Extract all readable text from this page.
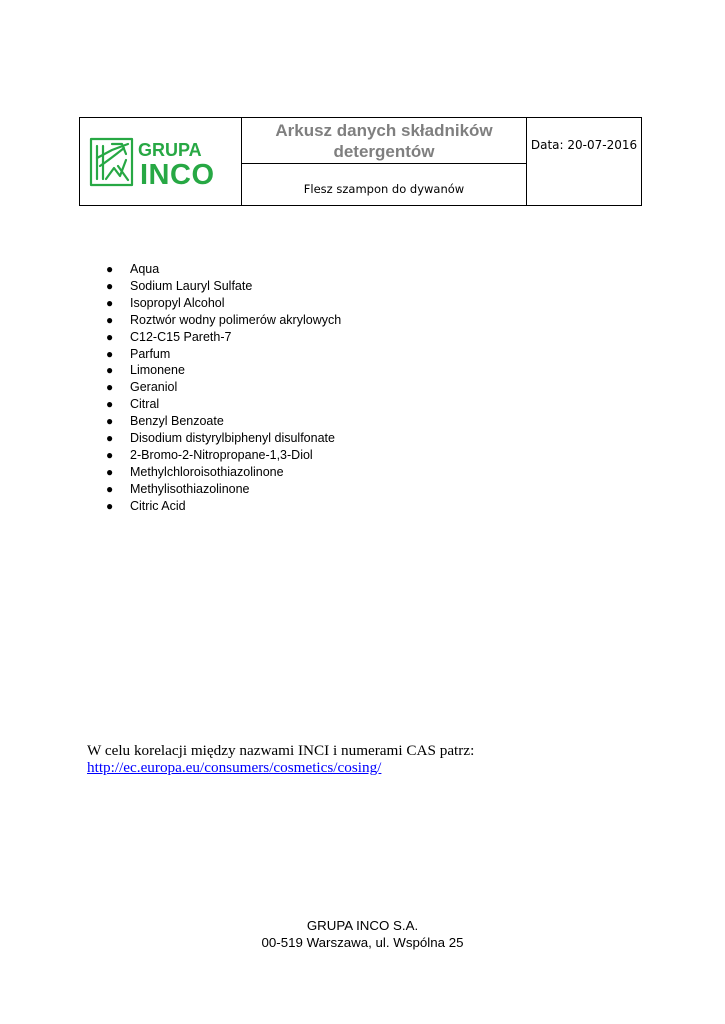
GRUPA
INCO

Arkusz danych składników
detergentów	Data: 20-07-2016
Flesz szampon do dywanów
● Aqua
● Sodium Lauryl Sulfate
● Isopropyl Alcohol
● Roztwór wodny polimerów akrylowych
● C12-C15 Pareth-7
● Parfum
● Limonene
● Geraniol
● Citral
● Benzyl Benzoate
● Disodium distyrylbiphenyl disulfonate
● 2-Bromo-2-Nitropropane-1,3-Diol
● Methylchloroisothiazolinone
● Methylisothiazolinone
● Citric Acid
W celu korelacji między nazwami INCI i numerami CAS patrz:
http://ec.europa.eu/consumers/cosmetics/cosing/
GRUPA INCO S.A.
00-519 Warszawa, ul. Wspólna 25
